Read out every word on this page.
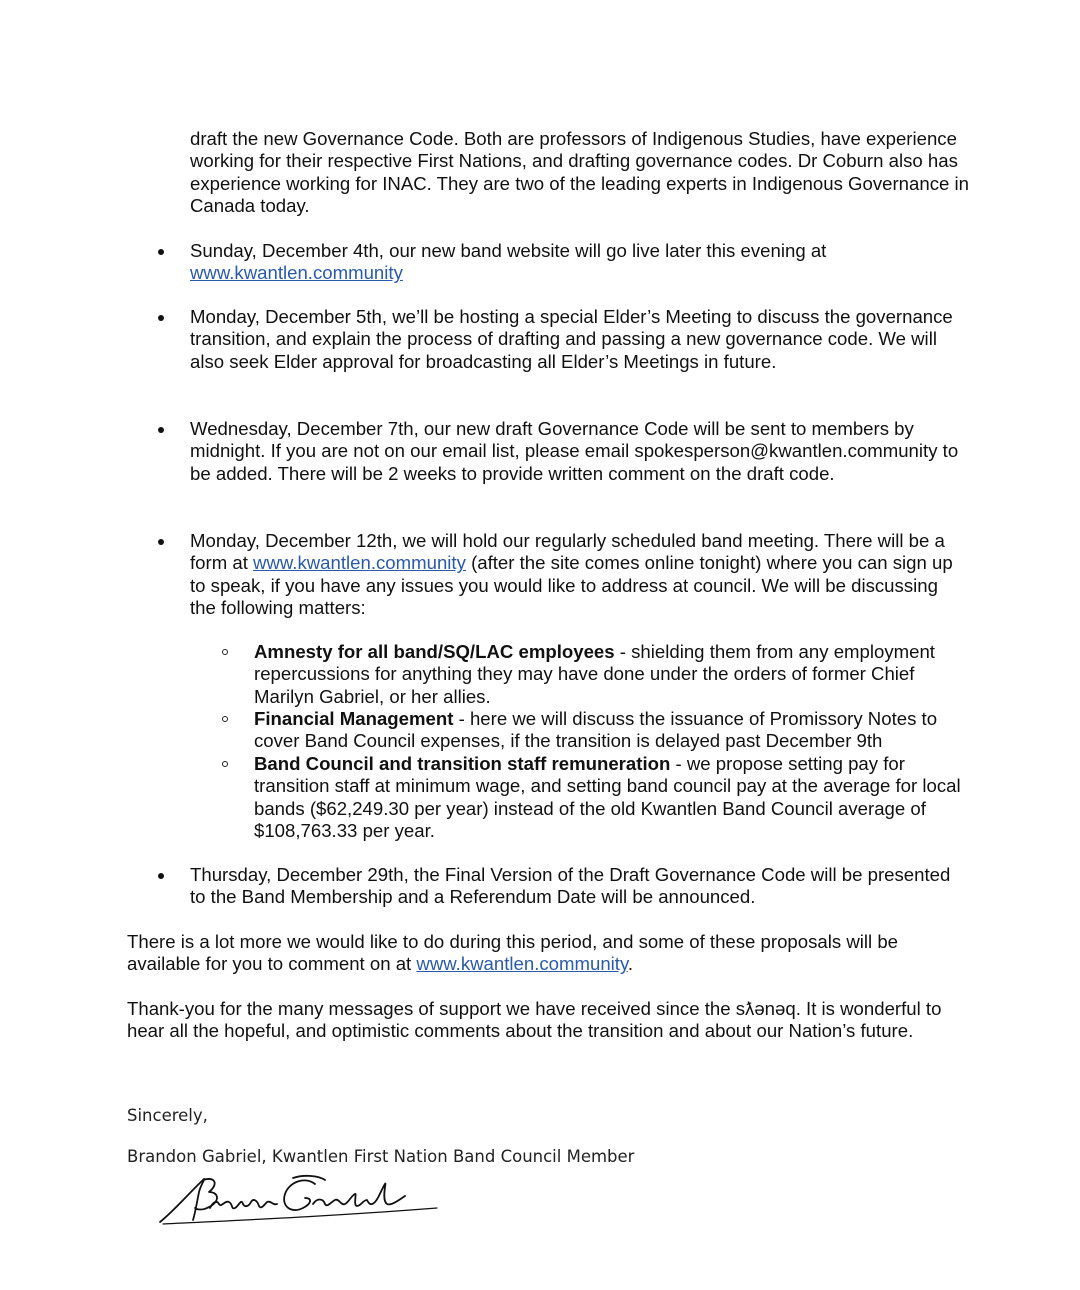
draft the new Governance Code. Both are professors of Indigenous Studies, have experience working for their respective First Nations, and drafting governance codes. Dr Coburn also has experience working for INAC. They are two of the leading experts in Indigenous Governance in Canada today.

Sunday, December 4th, our new band website will go live later this evening at
www.kwantlen.community
Monday, December 5th, we’ll be hosting a special Elder’s Meeting to discuss the governance transition, and explain the process of drafting and passing a new governance code. We will also seek Elder approval for broadcasting all Elder’s Meetings in future.
Wednesday, December 7th, our new draft Governance Code will be sent to members by midnight. If you are not on our email list, please email spokesperson@kwantlen.community to be added. There will be 2 weeks to provide written comment on the draft code.
Monday, December 12th, we will hold our regularly scheduled band meeting. There will be a form at www.kwantlen.community (after the site comes online tonight) where you can sign up to speak, if you have any issues you would like to address at council. We will be discussing the following matters:
Amnesty for all band/SQ/LAC employees - shielding them from any employment repercussions for anything they may have done under the orders of former Chief Marilyn Gabriel, or her allies.
Financial Management - here we will discuss the issuance of Promissory Notes to cover Band Council expenses, if the transition is delayed past December 9th
Band Council and transition staff remuneration - we propose setting pay for transition staff at minimum wage, and setting band council pay at the average for local bands ($62,249.30 per year) instead of the old Kwantlen Band Council average of $108,763.33 per year.
Thursday, December 29th, the Final Version of the Draft Governance Code will be presented to the Band Membership and a Referendum Date will be announced.

There is a lot more we would like to do during this period, and some of these proposals will be available for you to comment on at www.kwantlen.community.

Thank-you for the many messages of support we have received since the sƛənəq. It is wonderful to hear all the hopeful, and optimistic comments about the transition and about our Nation’s future.

Sincerely,
Brandon Gabriel, Kwantlen First Nation Band Council Member
